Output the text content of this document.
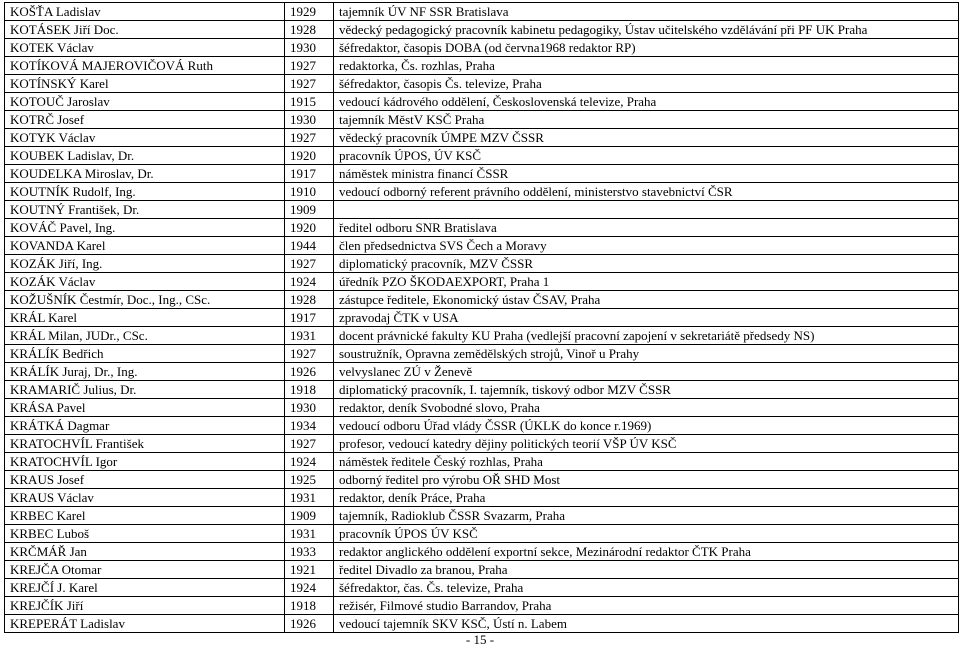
KOŠŤA Ladislav	1929	tajemník ÚV NF SSR Bratislava
KOTÁSEK Jiří Doc.	1928	vědecký pedagogický pracovník kabinetu pedagogiky, Ústav učitelského vzdělávání při PF UK Praha
KOTEK Václav	1930	šéfredaktor, časopis DOBA (od června1968 redaktor RP)
KOTÍKOVÁ MAJEROVIČOVÁ Ruth	1927	redaktorka, Čs. rozhlas, Praha
KOTÍNSKÝ Karel	1927	šéfredaktor, časopis Čs. televize, Praha
KOTOUČ Jaroslav	1915	vedoucí kádrového oddělení, Československá televize, Praha
KOTRČ Josef	1930	tajemník MěstV KSČ Praha
KOTYK Václav	1927	vědecký pracovník ÚMPE MZV ČSSR
KOUBEK Ladislav, Dr.	1920	pracovník ÚPOS, ÚV KSČ
KOUDELKA Miroslav, Dr.	1917	náměstek ministra financí ČSSR
KOUTNÍK Rudolf, Ing.	1910	vedoucí odborný referent právního oddělení, ministerstvo stavebnictví ČSR
KOUTNÝ František, Dr.	1909	
KOVÁČ Pavel, Ing.	1920	ředitel odboru SNR Bratislava
KOVANDA Karel	1944	člen předsednictva SVS Čech a Moravy
KOZÁK Jiří, Ing.	1927	diplomatický pracovník, MZV ČSSR
KOZÁK Václav	1924	úředník PZO ŠKODAEXPORT, Praha 1
KOŽUŠNÍK Čestmír, Doc., Ing., CSc.	1928	zástupce ředitele, Ekonomický ústav ČSAV, Praha
KRÁL Karel	1917	zpravodaj ČTK v USA
KRÁL Milan, JUDr., CSc.	1931	docent právnické fakulty KU Praha (vedlejší pracovní zapojení v sekretariátě předsedy NS)
KRÁLÍK Bedřich	1927	soustružník, Opravna zemědělských strojů, Vinoř u Prahy
KRÁLÍK Juraj, Dr., Ing.	1926	velvyslanec ZÚ v Ženevě
KRAMARIČ Julius, Dr.	1918	diplomatický pracovník, I. tajemník, tiskový odbor MZV ČSSR
KRÁSA Pavel	1930	redaktor, deník Svobodné slovo, Praha
KRÁTKÁ Dagmar	1934	vedoucí odboru Úřad vlády ČSSR (ÚKLK do konce r.1969)
KRATOCHVÍL František	1927	profesor, vedoucí katedry dějiny politických teorií VŠP ÚV KSČ
KRATOCHVÍL Igor	1924	náměstek ředitele Český rozhlas, Praha
KRAUS Josef	1925	odborný ředitel pro výrobu OŘ SHD Most
KRAUS Václav	1931	redaktor, deník Práce, Praha
KRBEC Karel	1909	tajemník, Radioklub ČSSR Svazarm, Praha
KRBEC Luboš	1931	pracovník ÚPOS ÚV KSČ
KRČMÁŘ Jan	1933	redaktor anglického oddělení exportní sekce, Mezinárodní redaktor ČTK Praha
KREJČA Otomar	1921	ředitel Divadlo za branou, Praha
KREJČÍ J. Karel	1924	šéfredaktor, čas. Čs. televize, Praha
KREJČÍK Jiří	1918	režisér, Filmové studio Barrandov, Praha
KREPERÁT Ladislav	1926	vedoucí tajemník SKV KSČ, Ústí n. Labem
- 15 -
